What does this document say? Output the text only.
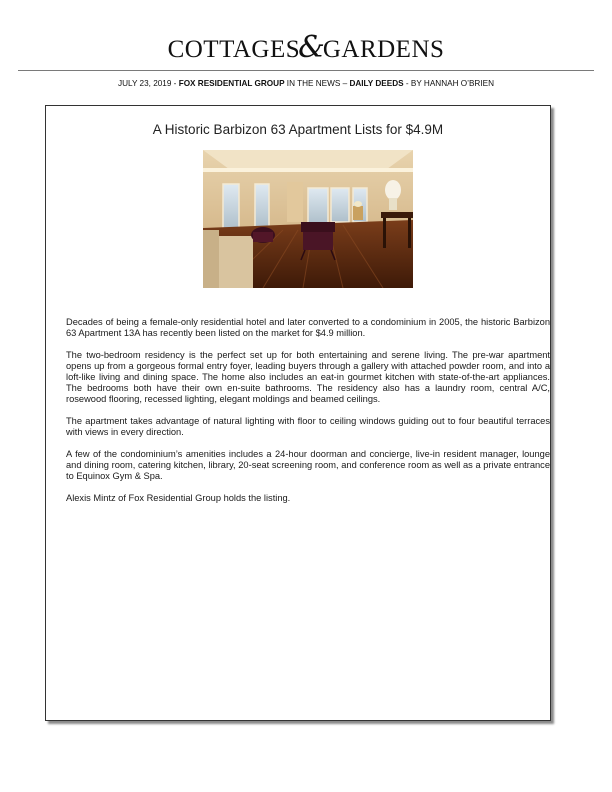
COTTAGES&GARDENS
JULY 23, 2019 - FOX RESIDENTIAL GROUP IN THE NEWS – DAILY DEEDS - BY HANNAH O’BRIEN
A Historic Barbizon 63 Apartment Lists for $4.9M

Decades of being a female-only residential hotel and later converted to a condominium in 2005, the historic Barbizon 63 Apartment 13A has recently been listed on the market for $4.9 million.

The two-bedroom residency is the perfect set up for both entertaining and serene living. The pre-war apartment opens up from a gorgeous formal entry foyer, leading buyers through a gallery with attached powder room, and into a loft-like living and dining space. The home also includes an eat-in gourmet kitchen with state-of-the-art appliances. The bedrooms both have their own en-suite bathrooms. The residency also has a laundry room, central A/C, rosewood flooring, recessed lighting, elegant moldings and beamed ceilings.

The apartment takes advantage of natural lighting with floor to ceiling windows guiding out to four beautiful terraces with views in every direction.

A few of the condominium’s amenities includes a 24-hour doorman and concierge, live-in resident manager, lounge and dining room, catering kitchen, library, 20-seat screening room, and conference room as well as a private entrance to Equinox Gym & Spa.

Alexis Mintz of Fox Residential Group holds the listing.
